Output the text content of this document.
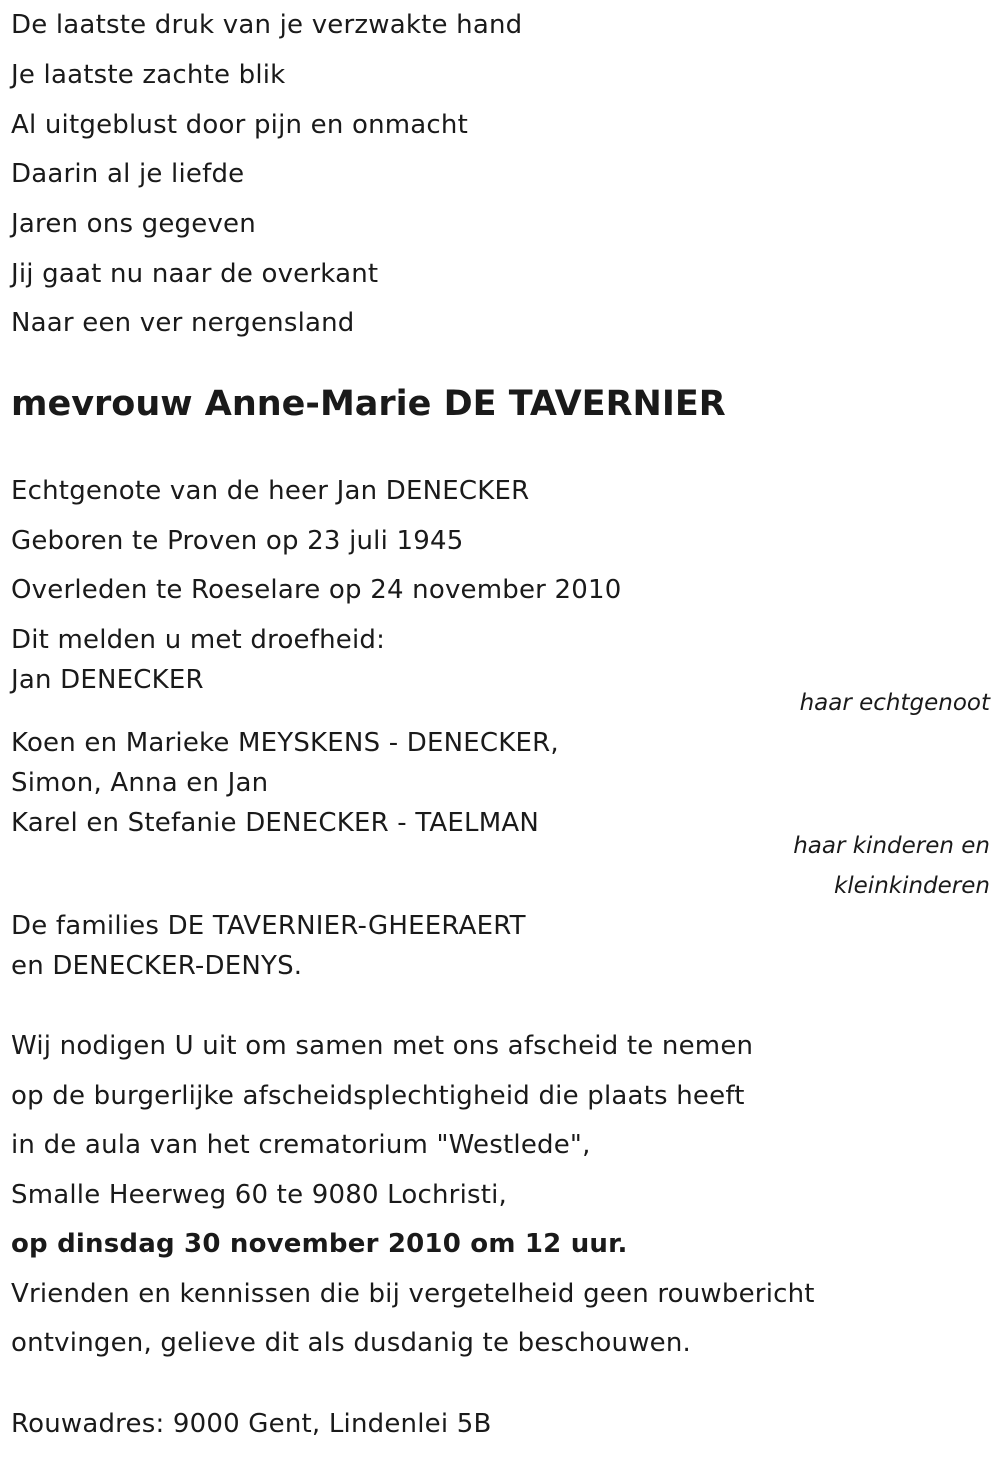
De laatste druk van je verzwakte hand
Je laatste zachte blik
Al uitgeblust door pijn en onmacht
Daarin al je liefde
Jaren ons gegeven
Jij gaat nu naar de overkant
Naar een ver nergensland
mevrouw Anne-Marie DE TAVERNIER
Echtgenote van de heer Jan DENECKER
Geboren te Proven op 23 juli 1945
Overleden te Roeselare op 24 november 2010
Dit melden u met droefheid:
Jan DENECKER
haar echtgenoot
Koen en Marieke MEYSKENS - DENECKER,
Simon, Anna en Jan
Karel en Stefanie DENECKER - TAELMAN
haar kinderen en
kleinkinderen
De families DE TAVERNIER-GHEERAERT
en DENECKER-DENYS.
Wij nodigen U uit om samen met ons afscheid te nemen
op de burgerlijke afscheidsplechtigheid die plaats heeft
in de aula van het crematorium "Westlede",
Smalle Heerweg 60 te 9080 Lochristi,
op dinsdag 30 november 2010 om 12 uur.
Vrienden en kennissen die bij vergetelheid geen rouwbericht
ontvingen, gelieve dit als dusdanig te beschouwen.
Rouwadres: 9000 Gent, Lindenlei 5B
